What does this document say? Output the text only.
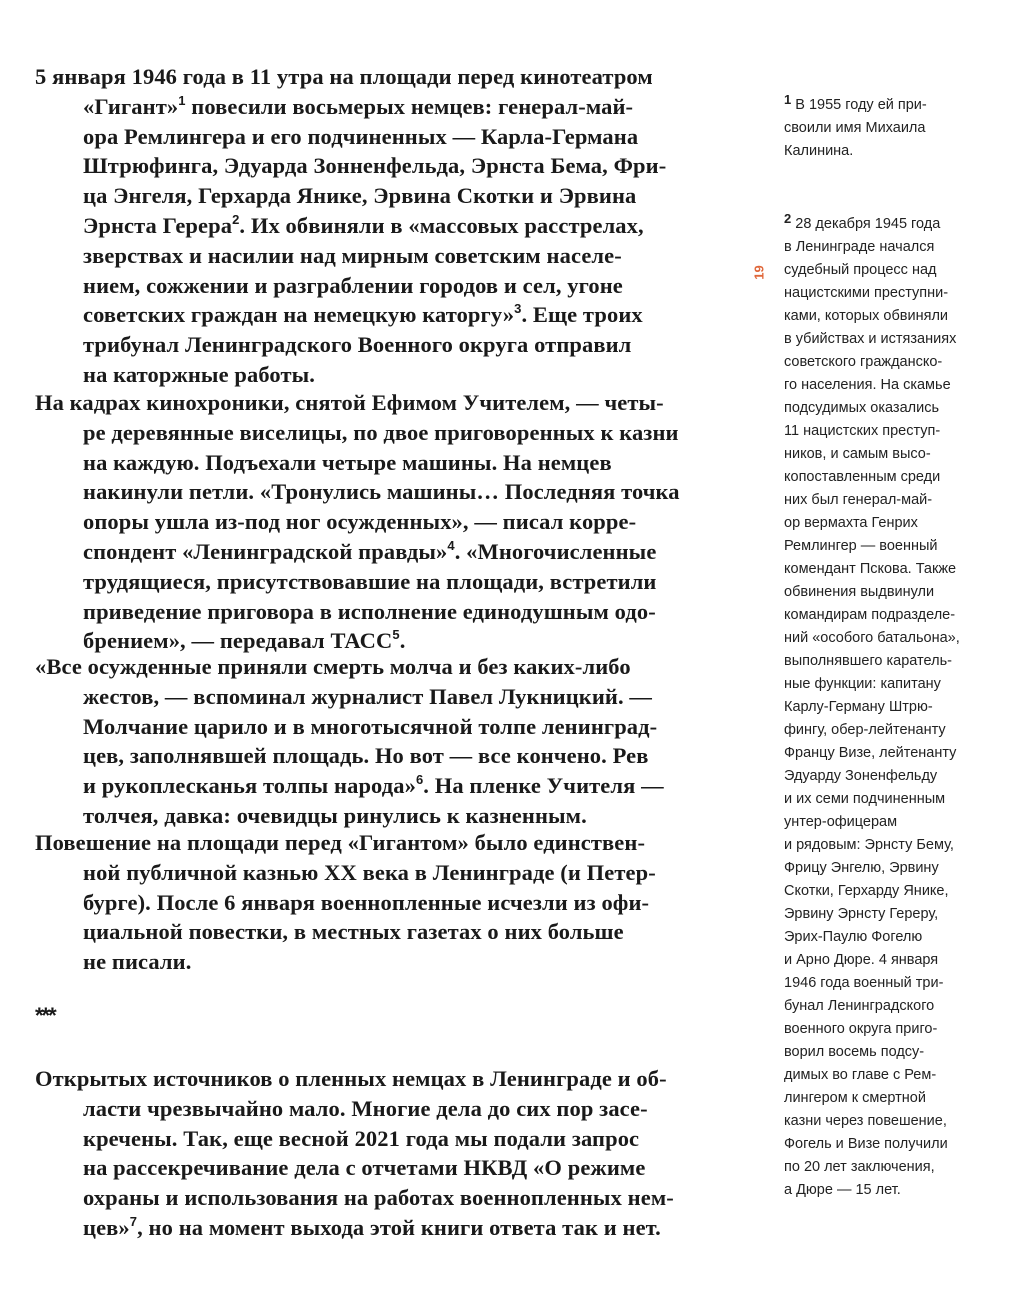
5 января 1946 года в 11 утра на площади перед кинотеатром
«Гигант»$^1$ повесили восьмерых немцев: генерал-май-
ора Ремлингера и его подчиненных — Карла-Германа
Штрюфинга, Эдуарда Зонненфельда, Эрнста Бема, Фри-
ца Энгеля, Герхарда Янике, Эрвина Скотки и Эрвина
Эрнста Герера$^2$. Их обвиняли в «массовых расстрелах,
зверствах и насилии над мирным советским населе-
нием, сожжении и разграблении городов и сел, угоне
советских граждан на немецкую каторгу»$^3$. Еще троих
трибунал Ленинградского Военного округа отправил
на каторжные работы.
На кадрах кинохроники, снятой Ефимом Учителем, — четы-
ре деревянные виселицы, по двое приговоренных к казни
на каждую. Подъехали четыре машины. На немцев
накинули петли. «Тронулись машины… Последняя точка
опоры ушла из-под ног осужденных», — писал корре-
спондент «Ленинградской правды»$^4$. «Многочисленные
трудящиеся, присутствовавшие на площади, встретили
приведение приговора в исполнение единодушным одо-
брением», — передавал ТАСС$^5$.
«Все осужденные приняли смерть молча и без каких-либо
жестов, — вспоминал журналист Павел Лукницкий. —
Молчание царило и в многотысячной толпе ленинград-
цев, заполнявшей площадь. Но вот — все кончено. Рев
и рукоплесканья толпы народа»$^6$. На пленке Учителя —
толчея, давка: очевидцы ринулись к казненным.
Повешение на площади перед «Гигантом» было единствен-
ной публичной казнью XX века в Ленинграде (и Петер-
бурге). После 6 января военнопленные исчезли из офи-
циальной повестки, в местных газетах о них больше
не писали.
***
Открытых источников о пленных немцах в Ленинграде и об-
ласти чрезвычайно мало. Многие дела до сих пор засе-
кречены. Так, еще весной 2021 года мы подали запрос
на рассекречивание дела с отчетами НКВД «О режиме
охраны и использования на работах военнопленных нем-
цев»$^7$, но на момент выхода этой книги ответа так и нет.
19
$^1$ В 1955 году ей при-
своили имя Михаила
Калинина.
$^2$ 28 декабря 1945 года
в Ленинграде начался
судебный процесс над
нацистскими преступни-
ками, которых обвиняли
в убийствах и истязаниях
советского гражданско-
го населения. На скамье
подсудимых оказались
11 нацистских преступ-
ников, и самым высо-
копоставленным среди
них был генерал-май-
ор вермахта Генрих
Ремлингер — военный
комендант Пскова. Также
обвинения выдвинули
командирам подразделе-
ний «особого батальона»,
выполнявшего каратель-
ные функции: капитану
Карлу-Герману Штрю-
фингу, обер-лейтенанту
Францу Визе, лейтенанту
Эдуарду Зоненфельду
и их семи подчиненным
унтер-офицерам
и рядовым: Эрнсту Бему,
Фрицу Энгелю, Эрвину
Скотки, Герхарду Янике,
Эрвину Эрнсту Гереру,
Эрих-Паулю Фогелю
и Арно Дюре. 4 января
1946 года военный три-
бунал Ленинградского
военного округа приго-
ворил восемь подсу-
димых во главе с Рем-
лингером к смертной
казни через повешение,
Фогель и Визе получили
по 20 лет заключения,
а Дюре — 15 лет.
